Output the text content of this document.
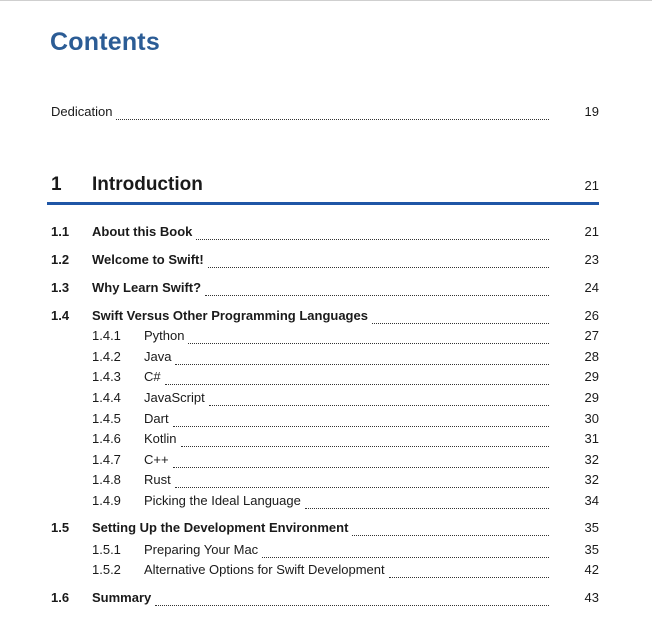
Contents
Dedication	19
1	Introduction	21
1.1	About this Book	21
1.2	Welcome to Swift!	23
1.3	Why Learn Swift?	24
1.4	Swift Versus Other Programming Languages	26
1.4.1	Python	27
1.4.2	Java	28
1.4.3	C#	29
1.4.4	JavaScript	29
1.4.5	Dart	30
1.4.6	Kotlin	31
1.4.7	C++	32
1.4.8	Rust	32
1.4.9	Picking the Ideal Language	34
1.5	Setting Up the Development Environment	35
1.5.1	Preparing Your Mac	35
1.5.2	Alternative Options for Swift Development	42
1.6	Summary	43
